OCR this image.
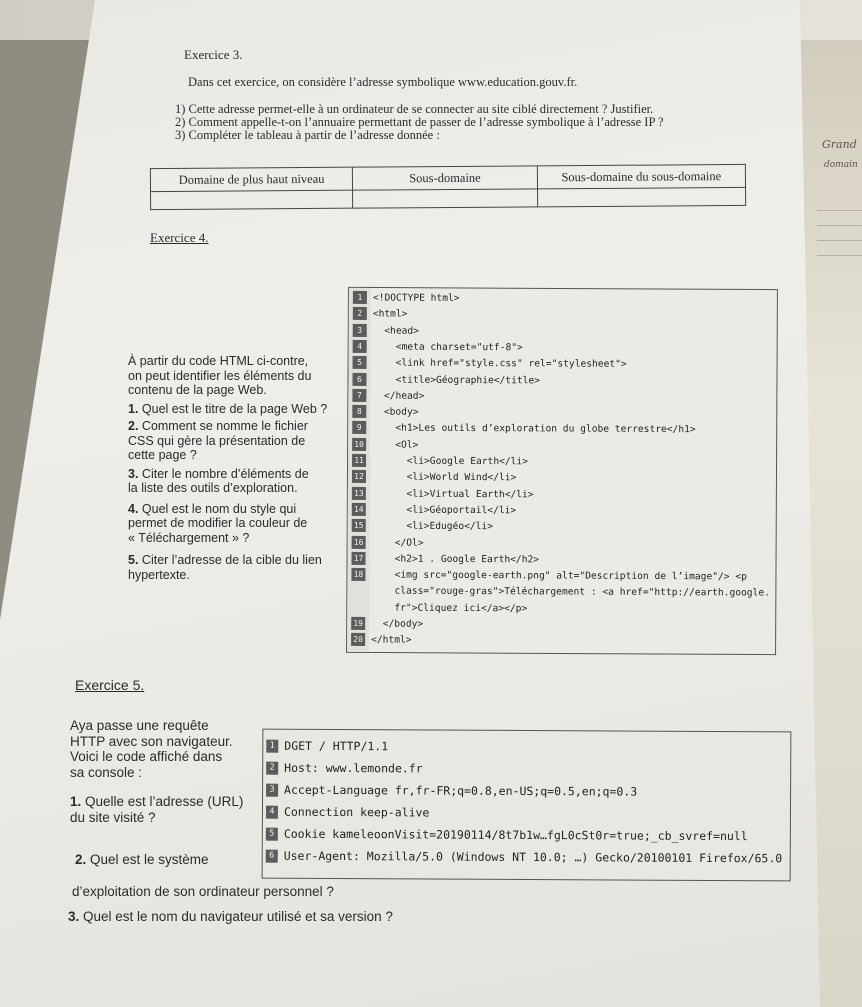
Grand
domain
Exercice 3.
Dans cet exercice, on considère l’adresse symbolique www.education.gouv.fr.
1) Cette adresse permet-elle à un ordinateur de se connecter au site ciblé directement ? Justifier.
2) Comment appelle-t-on l’annuaire permettant de passer de l’adresse symbolique à l’adresse IP ?
3) Compléter le tableau à partir de l’adresse donnée :
Domaine de plus haut niveau	Sous-domaine	Sous-domaine du sous-domaine

Exercice 4.
À partir du code HTML ci-contre,
on peut identifier les éléments du
contenu de la page Web.
1. Quel est le titre de la page Web ?
2. Comment se nomme le fichier
CSS qui gère la présentation de
cette page ?
3. Citer le nombre d’éléments de
la liste des outils d’exploration.
4. Quel est le nom du style qui
permet de modifier la couleur de
« Téléchargement » ?
5. Citer l’adresse de la cible du lien
hypertexte.
1 <!DOCTYPE html>
2 <html>
3  <head>
4    <meta charset="utf-8">
5    <link href="style.css" rel="stylesheet">
6    <title>Géographie</title>
7  </head>
8  <body>
9    <h1>Les outils d’exploration du globe terrestre</h1>
10    <Ol>
11      <li>Google Earth</li>
12      <li>World Wind</li>
13      <li>Virtual Earth</li>
14      <li>Géoportail</li>
15      <li>Edugéo</li>
16    </Ol>
17    <h2>1 . Google Earth</h2>
18    <img src="google-earth.png" alt="Description de l’image"/> <p
class="rouge-gras">Téléchargement : <a href="http://earth.google.
fr">Cliquez ici</a></p>
19  </body>
20 </html>
Exercice 5.
Aya passe une requête
HTTP avec son navigateur.
Voici le code affiché dans
sa console :
1. Quelle est l’adresse (URL)
du site visité ?
2. Quel est le système
d’exploitation de son ordinateur personnel ?
3. Quel est le nom du navigateur utilisé et sa version ?
1 DGET / HTTP/1.1
2 Host: www.lemonde.fr
3 Accept-Language fr,fr-FR;q=0.8,en-US;q=0.5,en;q=0.3
4 Connection keep-alive
5 Cookie kameleoonVisit=20190114/8t7b1w…fgL0cSt0r=true;_cb_svref=null
6 User-Agent: Mozilla/5.0 (Windows NT 10.0; …) Gecko/20100101 Firefox/65.0
